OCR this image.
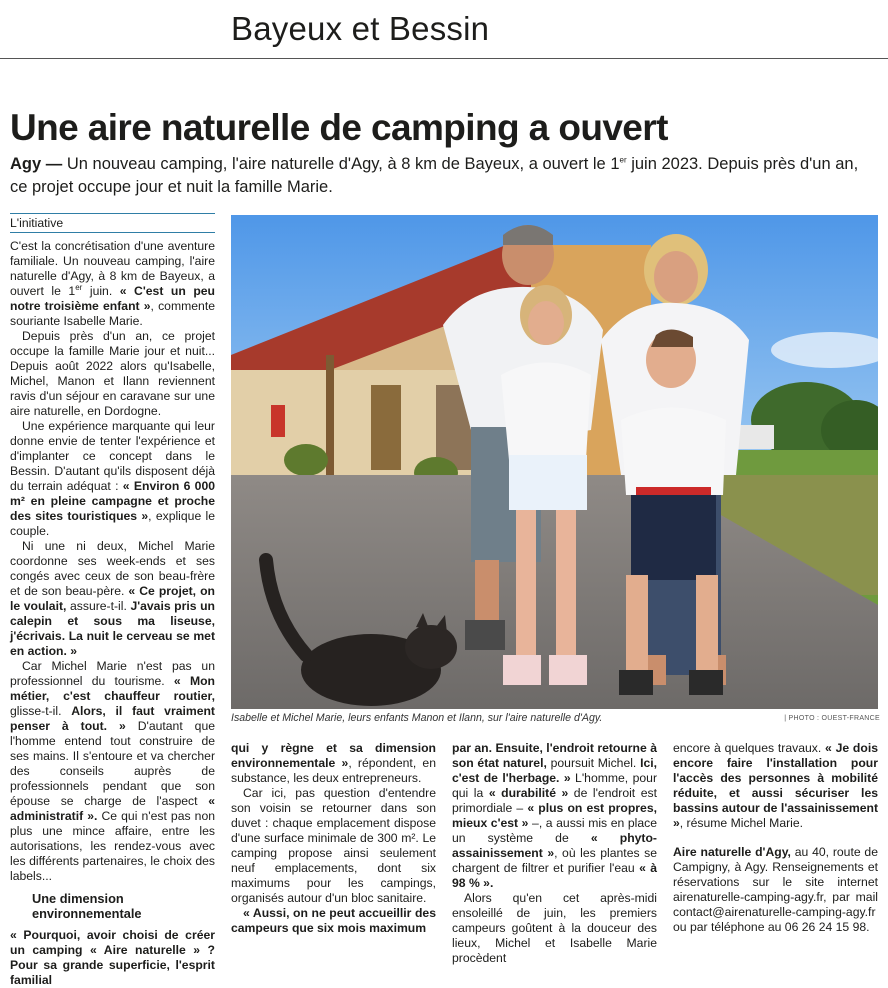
Bayeux et Bessin
Une aire naturelle de camping a ouvert
Agy — Un nouveau camping, l'aire naturelle d'Agy, à 8 km de Bayeux, a ouvert le 1er juin 2023. Depuis près d'un an, ce projet occupe jour et nuit la famille Marie.
L'initiative

C'est la concrétisation d'une aventure familiale. Un nouveau camping, l'aire naturelle d'Agy, à 8 km de Bayeux, a ouvert le 1er juin. « C'est un peu notre troisième enfant », commente souriante Isabelle Marie.

Depuis près d'un an, ce projet occupe la famille Marie jour et nuit... Depuis août 2022 alors qu'Isabelle, Michel, Manon et Ilann reviennent ravis d'un séjour en caravane sur une aire naturelle, en Dordogne.

Une expérience marquante qui leur donne envie de tenter l'expérience et d'implanter ce concept dans le Bessin. D'autant qu'ils disposent déjà du terrain adéquat : « Environ 6 000 m² en pleine campagne et proche des sites touristiques », explique le couple.

Ni une ni deux, Michel Marie coordonne ses week-ends et ses congés avec ceux de son beau-frère et de son beau-père. « Ce projet, on le voulait, assure-t-il. J'avais pris un calepin et sous ma liseuse, j'écrivais. La nuit le cerveau se met en action. »

Car Michel Marie n'est pas un professionnel du tourisme. « Mon métier, c'est chauffeur routier, glisse-t-il. Alors, il faut vraiment penser à tout. » D'autant que l'homme entend tout construire de ses mains. Il s'entoure et va chercher des conseils auprès de professionnels pendant que son épouse se charge de l'aspect « administratif ». Ce qui n'est pas non plus une mince affaire, entre les autorisations, les rendez-vous avec les différents partenaires, le choix des labels...

Une dimension environnementale

« Pourquoi, avoir choisi de créer un camping « Aire naturelle » ? Pour sa grande superficie, l'esprit familial

Isabelle et Michel Marie, leurs enfants Manon et Ilann, sur l'aire naturelle d'Agy.	| PHOTO : OUEST-FRANCE

qui y règne et sa dimension environnementale », répondent, en substance, les deux entrepreneurs.

Car ici, pas question d'entendre son voisin se retourner dans son duvet : chaque emplacement dispose d'une surface minimale de 300 m². Le camping propose ainsi seulement neuf emplacements, dont six maximums pour les campings, organisés autour d'un bloc sanitaire.

« Aussi, on ne peut accueillir des campeurs que six mois maximum

par an. Ensuite, l'endroit retourne à son état naturel, poursuit Michel. Ici, c'est de l'herbage. » L'homme, pour qui la « durabilité » de l'endroit est primordiale – « plus on est propres, mieux c'est » –, a aussi mis en place un système de « phyto-assainissement », où les plantes se chargent de filtrer et purifier l'eau « à 98 % ».

Alors qu'en cet après-midi ensoleillé de juin, les premiers campeurs goûtent à la douceur des lieux, Michel et Isabelle Marie procèdent

encore à quelques travaux. « Je dois encore faire l'installation pour l'accès des personnes à mobilité réduite, et aussi sécuriser les bassins autour de l'assainissement », résume Michel Marie.

Aire naturelle d'Agy, au 40, route de Campigny, à Agy. Renseignements et réservations sur le site internet airenaturelle-camping-agy.fr, par mail contact@airenaturelle-camping-agy.fr ou par téléphone au 06 26 24 15 98.
